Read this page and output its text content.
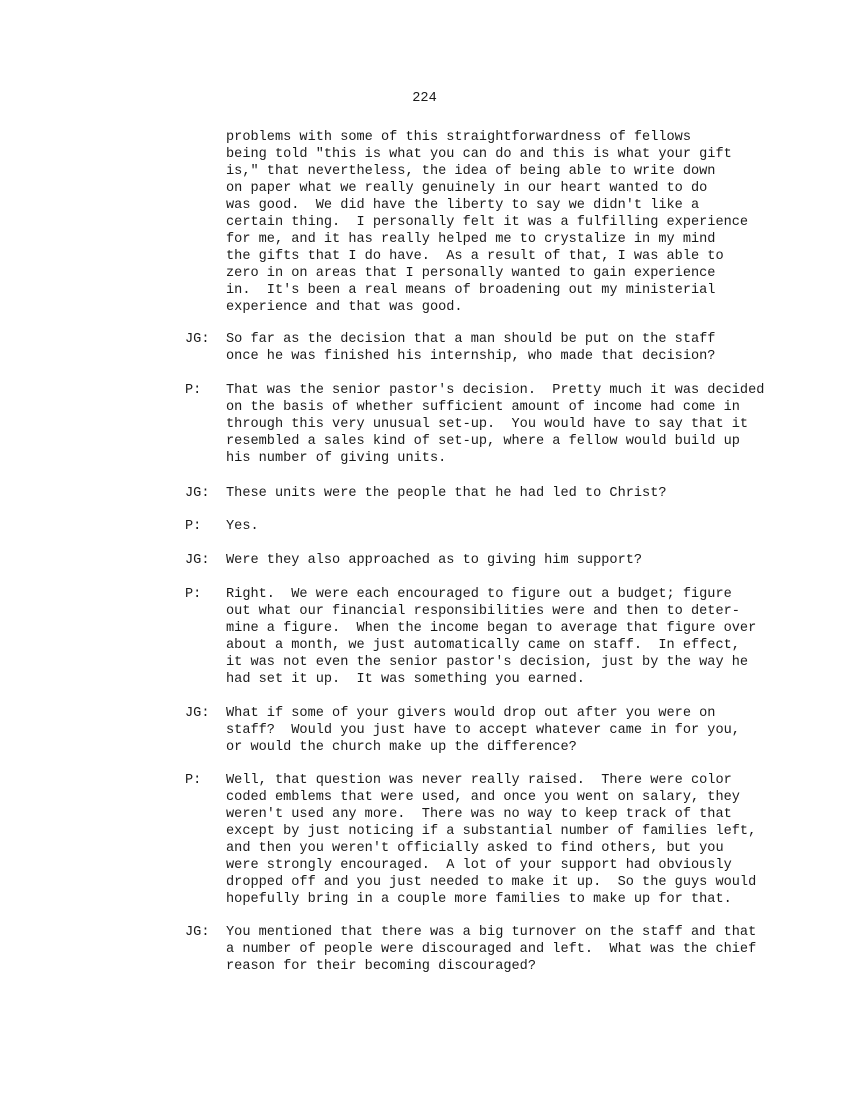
224
problems with some of this straightforwardness of fellows
being told "this is what you can do and this is what your gift
is," that nevertheless, the idea of being able to write down
on paper what we really genuinely in our heart wanted to do
was good.  We did have the liberty to say we didn't like a
certain thing.  I personally felt it was a fulfilling experience
for me, and it has really helped me to crystalize in my mind
the gifts that I do have.  As a result of that, I was able to
zero in on areas that I personally wanted to gain experience
in.  It's been a real means of broadening out my ministerial
experience and that was good.
JG: So far as the decision that a man should be put on the staff
once he was finished his internship, who made that decision?
P: That was the senior pastor's decision.  Pretty much it was decided
on the basis of whether sufficient amount of income had come in
through this very unusual set-up.  You would have to say that it
resembled a sales kind of set-up, where a fellow would build up
his number of giving units.
JG: These units were the people that he had led to Christ?
P: Yes.
JG: Were they also approached as to giving him support?
P: Right.  We were each encouraged to figure out a budget; figure
out what our financial responsibilities were and then to deter-
mine a figure.  When the income began to average that figure over
about a month, we just automatically came on staff.  In effect,
it was not even the senior pastor's decision, just by the way he
had set it up.  It was something you earned.
JG: What if some of your givers would drop out after you were on
staff?  Would you just have to accept whatever came in for you,
or would the church make up the difference?
P: Well, that question was never really raised.  There were color
coded emblems that were used, and once you went on salary, they
weren't used any more.  There was no way to keep track of that
except by just noticing if a substantial number of families left,
and then you weren't officially asked to find others, but you
were strongly encouraged.  A lot of your support had obviously
dropped off and you just needed to make it up.  So the guys would
hopefully bring in a couple more families to make up for that.
JG: You mentioned that there was a big turnover on the staff and that
a number of people were discouraged and left.  What was the chief
reason for their becoming discouraged?
